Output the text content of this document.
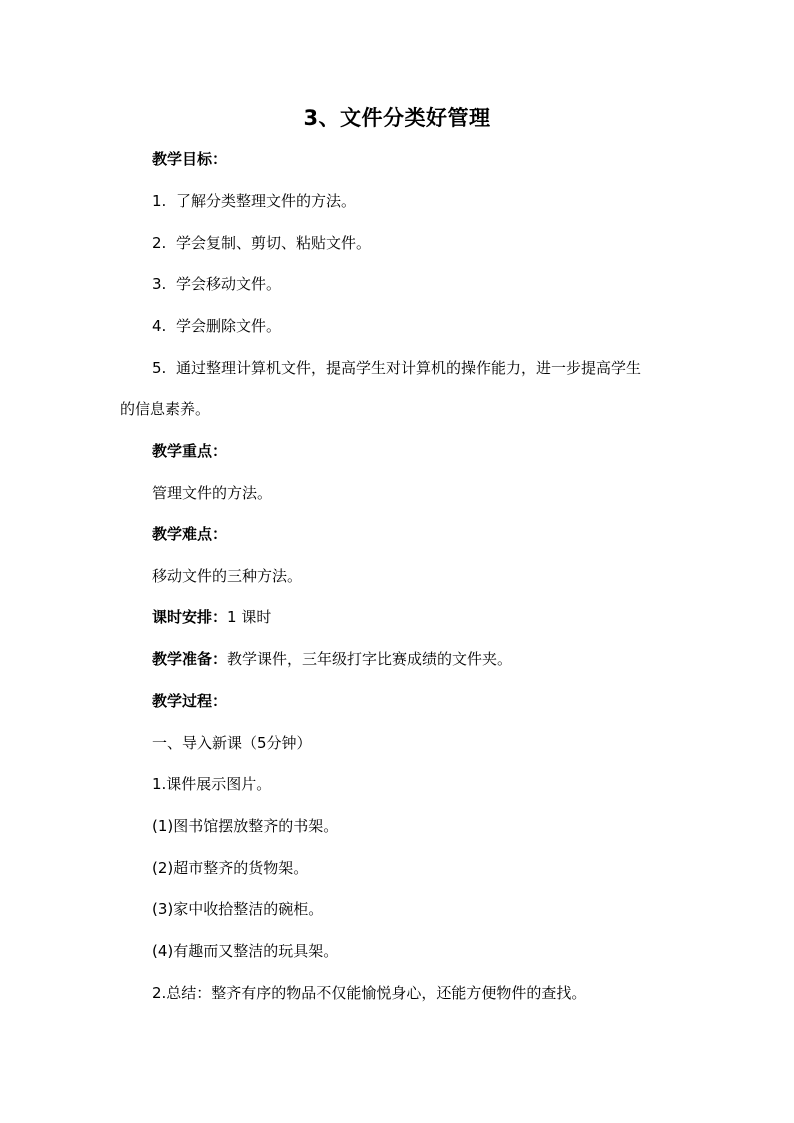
3、文件分类好管理
教学目标：
1. 了解分类整理文件的方法。
2. 学会复制、剪切、粘贴文件。
3. 学会移动文件。
4. 学会删除文件。
5. 通过整理计算机文件，提高学生对计算机的操作能力，进一步提高学生
的信息素养。
教学重点：
管理文件的方法。
教学难点：
移动文件的三种方法。
课时安排：1 课时
教学准备：教学课件，三年级打字比赛成绩的文件夹。
教学过程：
一、导入新课（5分钟）
1.课件展示图片。
(1)图书馆摆放整齐的书架。
(2)超市整齐的货物架。
(3)家中收拾整洁的碗柜。
(4)有趣而又整洁的玩具架。
2.总结：整齐有序的物品不仅能愉悦身心，还能方便物件的查找。
